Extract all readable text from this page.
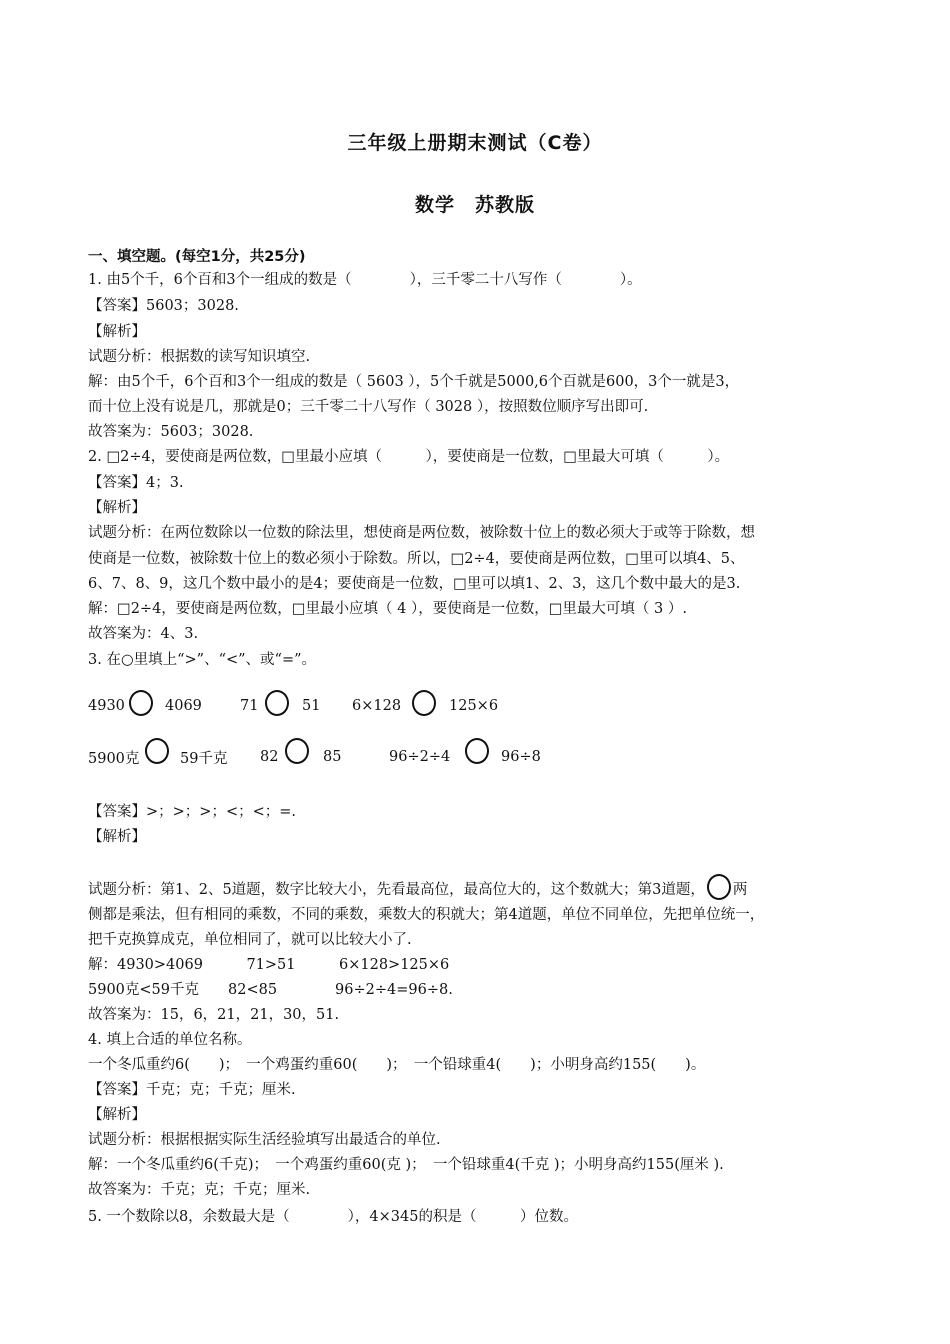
三年级上册期末测试（C卷）
数学　苏教版
一、填空题。(每空1分，共25分)
1. 由5个千，6个百和3个一组成的数是（　　　　），三千零二十八写作（　　　　）。
【答案】5603；3028.
【解析】
试题分析：根据数的读写知识填空.
解：由5个千，6个百和3个一组成的数是（ 5603 ），5个千就是5000,6个百就是600，3个一就是3，
而十位上没有说是几，那就是0；三千零二十八写作（ 3028 ），按照数位顺序写出即可.
故答案为：5603；3028.
2. □2÷4，要使商是两位数，□里最小应填（　　　），要使商是一位数，□里最大可填（　　　）。
【答案】4；3.
【解析】
试题分析：在两位数除以一位数的除法里，想使商是两位数，被除数十位上的数必须大于或等于除数，想
使商是一位数，被除数十位上的数必须小于除数。所以，□2÷4，要使商是两位数，□里可以填4、5、
6、7、8、9，这几个数中最小的是4；要使商是一位数，□里可以填1、2、3，这几个数中最大的是3.
解：□2÷4，要使商是两位数，□里最小应填（ 4 ），要使商是一位数，□里最大可填（ 3 ）.
故答案为：4、3.
3. 在○里填上“>”、“<”、或“=”。
4930	4069	71	51 6×128	125×6
5900克	59千克 82	85	96÷2÷4	96÷8
【答案】>；>；>；<；<；=.
【解析】
试题分析：第1、2、5道题，数字比较大小，先看最高位，最高位大的，这个数就大；第3道题， 两
侧都是乘法，但有相同的乘数，不同的乘数，乘数大的积就大；第4道题，单位不同单位，先把单位统一，
把千克换算成克，单位相同了，就可以比较大小了.
解：4930>4069　　　71>51　　　6×128>125×6
5900克<59千克　　82<85　　　　96÷2÷4=96÷8.
故答案为：15，6，21，21，30，51.
4. 填上合适的单位名称。
一个冬瓜重约6(　　)；　一个鸡蛋约重60(　　)；　一个铅球重4(　　)；小明身高约155(　　)。
【答案】千克；克；千克；厘米.
【解析】
试题分析：根据根据实际生活经验填写出最适合的单位.
解：一个冬瓜重约6(千克)；　一个鸡蛋约重60(克 )；　一个铅球重4(千克 )；小明身高约155(厘米 ).
故答案为：千克；克；千克；厘米.
5. 一个数除以8，余数最大是（　　　　），4×345的积是（　　　）位数。
